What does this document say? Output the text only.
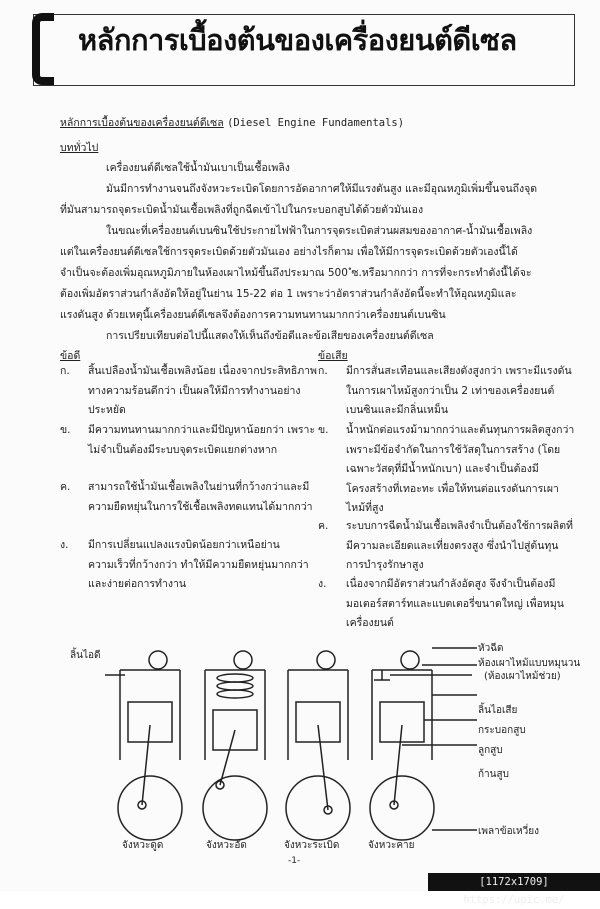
หลักการเบื้องต้นของเครื่องยนต์ดีเซล
หลักการเบื้องต้นของเครื่องยนต์ดีเซล (Diesel Engine Fundamentals)
บททั่วไป
เครื่องยนต์ดีเซลใช้น้ำมันเบาเป็นเชื้อเพลิง
มันมีการทำงานจนถึงจังหวะระเบิดโดยการอัดอากาศให้มีแรงดันสูง และมีอุณหภูมิเพิ่มขึ้นจนถึงจุด
ที่มันสามารถจุดระเบิดน้ำมันเชื้อเพลิงที่ถูกฉีดเข้าไปในกระบอกสูบได้ด้วยตัวมันเอง
ในขณะที่เครื่องยนต์เบนซินใช้ประกายไฟฟ้าในการจุดระเบิดส่วนผสมของอากาศ-น้ำมันเชื้อเพลิง
แต่ในเครื่องยนต์ดีเซลใช้การจุดระเบิดด้วยตัวมันเอง อย่างไรก็ตาม เพื่อให้มีการจุดระเบิดด้วยตัวเองนี้ได้
จำเป็นจะต้องเพิ่มอุณหภูมิภายในห้องเผาไหม้ขึ้นถึงประมาณ 500 ํซ.หรือมากกว่า การที่จะกระทำดังนี้ได้จะ
ต้องเพิ่มอัตราส่วนกำลังอัดให้อยู่ในย่าน 15-22 ต่อ 1 เพราะว่าอัตราส่วนกำลังอัดนี้จะทำให้อุณหภูมิและ
แรงดันสูง ด้วยเหตุนี้เครื่องยนต์ดีเซลจึงต้องการความทนทานมากกว่าเครื่องยนต์เบนซิน
การเปรียบเทียบต่อไปนี้แสดงให้เห็นถึงข้อดีและข้อเสียของเครื่องยนต์ดีเซล
ข้อดี
ก. สิ้นเปลืองน้ำมันเชื้อเพลิงน้อย เนื่องจากประสิทธิภาพทางความร้อนดีกว่า เป็นผลให้มีการทำงานอย่างประหยัด
ข. มีความทนทานมากกว่าและมีปัญหาน้อยกว่า เพราะไม่จำเป็นต้องมีระบบจุดระเบิดแยกต่างหาก
ค. สามารถใช้น้ำมันเชื้อเพลิงในย่านที่กว้างกว่าและมีความยืดหยุ่นในการใช้เชื้อเพลิงทดแทนได้มากกว่า
ง. มีการเปลี่ยนแปลงแรงบิดน้อยกว่าเหนือย่านความเร็วที่กว้างกว่า ทำให้มีความยืดหยุ่นมากกว่าและง่ายต่อการทำงาน
ข้อเสีย
ก. มีการสั่นสะเทือนและเสียงดังสูงกว่า เพราะมีแรงดันในการเผาไหม้สูงกว่าเป็น 2 เท่าของเครื่องยนต์เบนซินและมีกลิ่นเหม็น
ข. น้ำหนักต่อแรงม้ามากกว่าและต้นทุนการผลิตสูงกว่า เพราะมีข้อจำกัดในการใช้วัสดุในการสร้าง (โดยเฉพาะวัสดุที่มีน้ำหนักเบา) และจำเป็นต้องมีโครงสร้างที่เทอะทะ เพื่อให้ทนต่อแรงดันการเผาไหม้ที่สูง
ค. ระบบการฉีดน้ำมันเชื้อเพลิงจำเป็นต้องใช้การผลิตที่มีความละเอียดและเที่ยงตรงสูง ซึ่งนำไปสู่ต้นทุนการบำรุงรักษาสูง
ง. เนื่องจากมีอัตราส่วนกำลังอัดสูง จึงจำเป็นต้องมีมอเตอร์สตาร์ทและแบตเตอรี่ขนาดใหญ่ เพื่อหมุนเครื่องยนต์
ลิ้นไอดี
หัวฉีด
ห้องเผาไหม้แบบหมุนวน
(ห้องเผาไหม้ช่วย)
ลิ้นไอเสีย
กระบอกสูบ
ลูกสูบ
ก้านสูบ
เพลาข้อเหวี่ยง
จังหวะดูด	จังหวะอัด	จังหวะระเบิด	จังหวะคาย
-1-
[1172x1709] https://upic.me/
